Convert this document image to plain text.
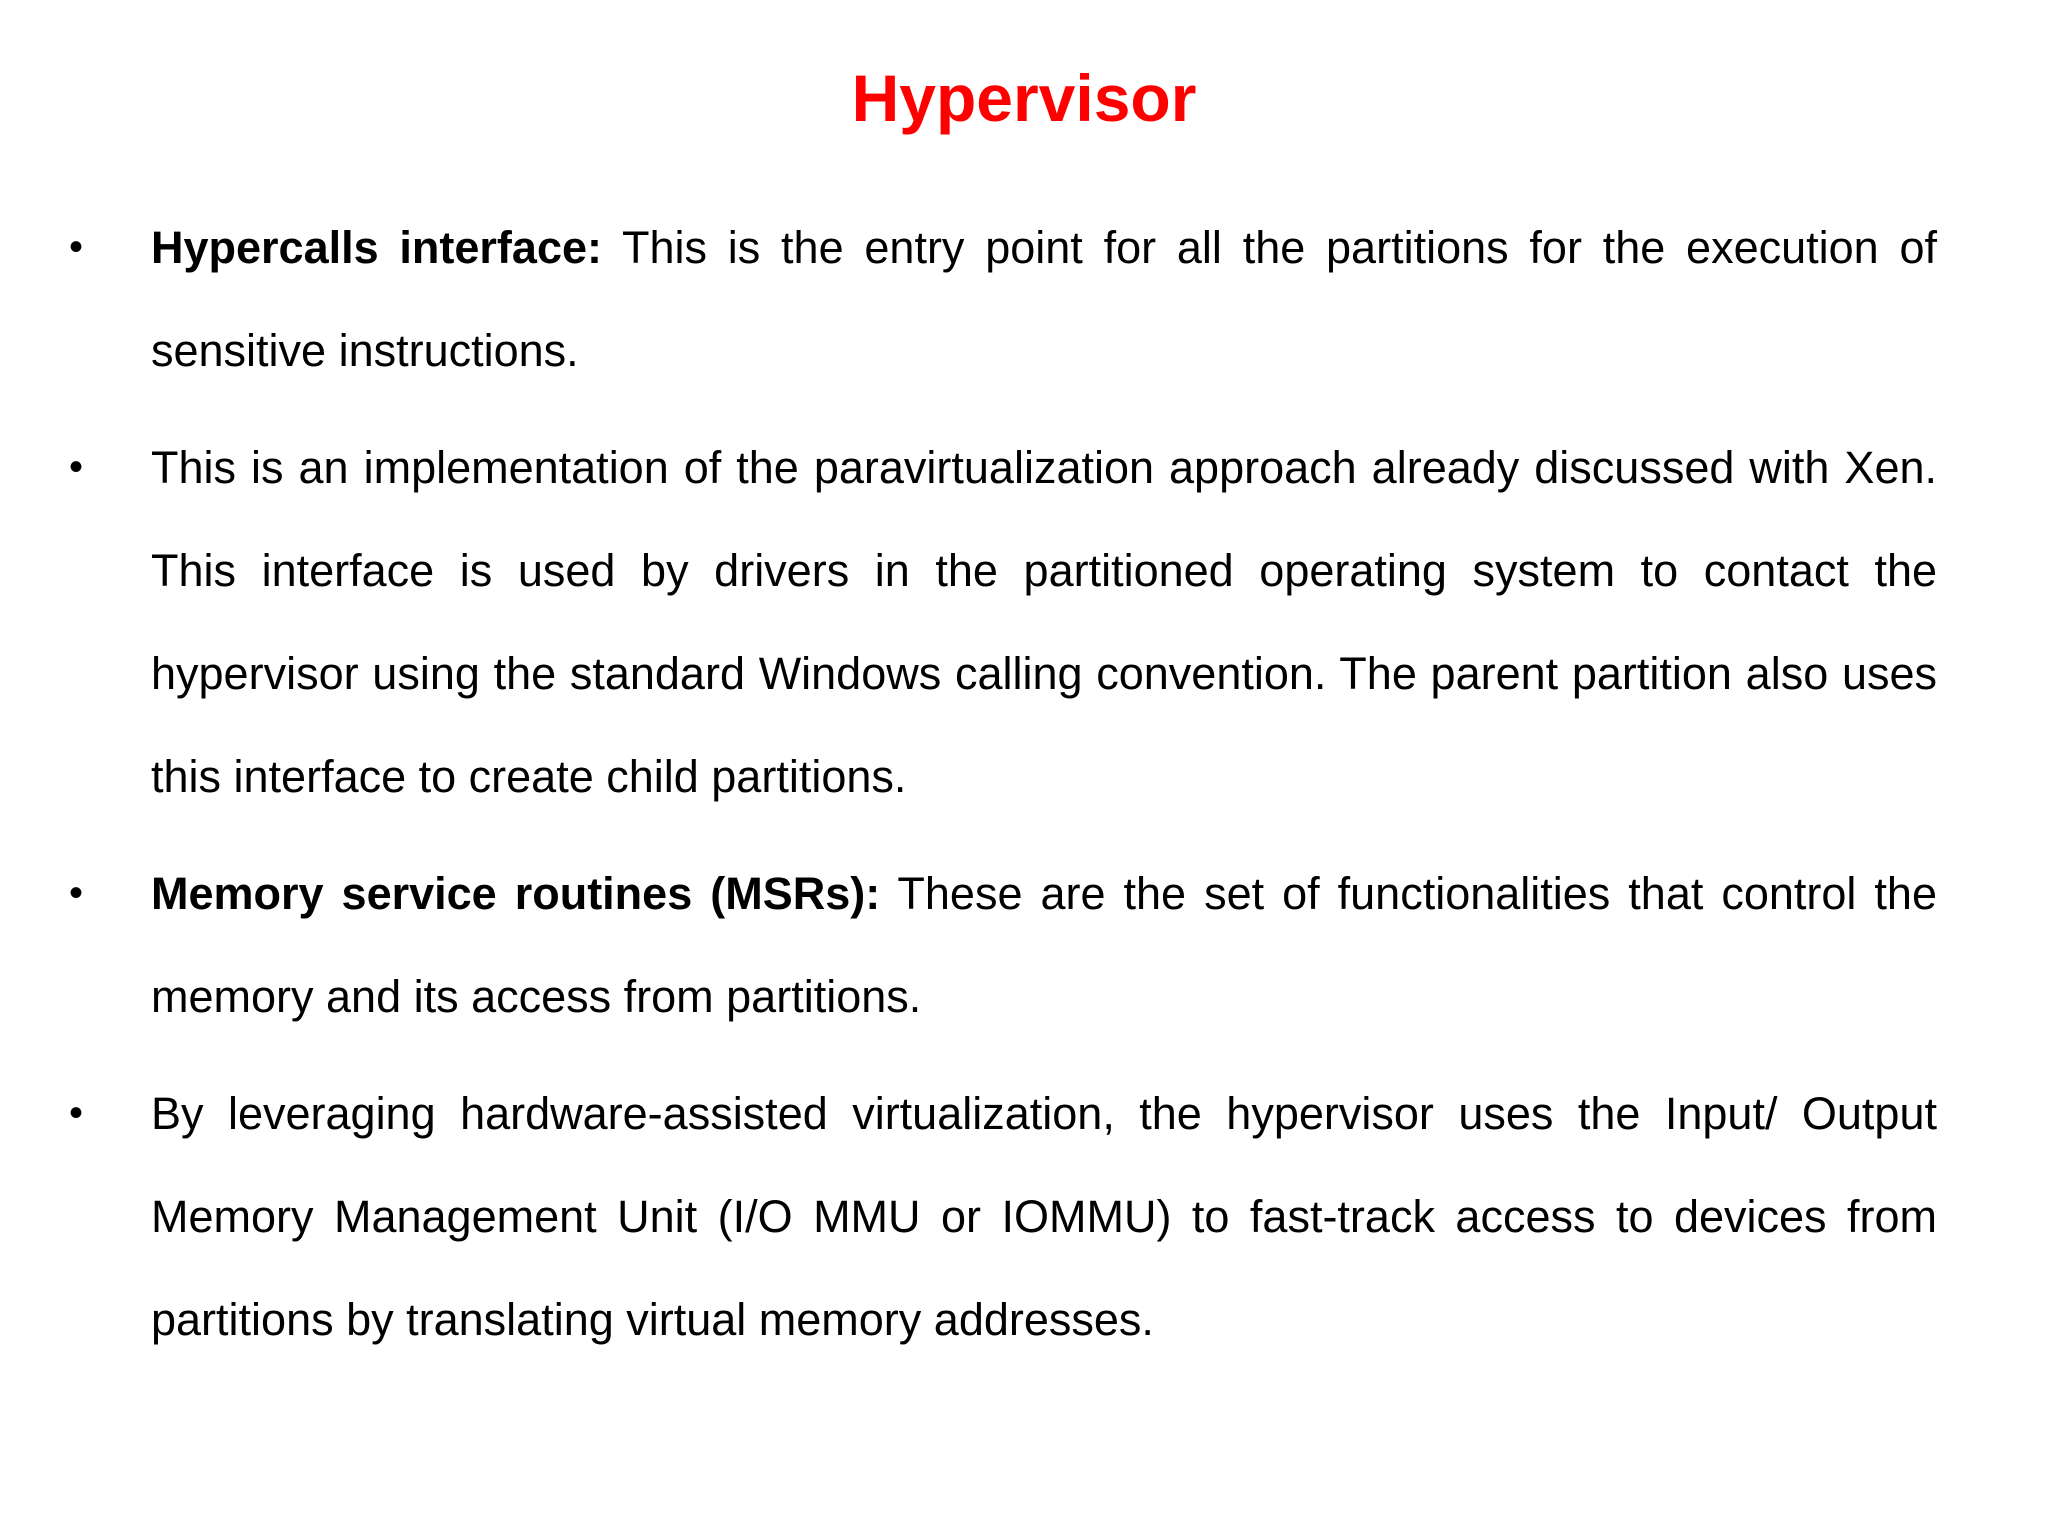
Hypervisor
• Hypercalls interface: This is the entry point for all the partitions for the execution of sensitive instructions.
• This is an implementation of the paravirtualization approach already discussed with Xen. This interface is used by drivers in the partitioned operating system to contact the hypervisor using the standard Windows calling convention. The parent partition also uses this interface to create child partitions.
• Memory service routines (MSRs): These are the set of functionalities that control the memory and its access from partitions.
• By leveraging hardware-assisted virtualization, the hypervisor uses the Input/ Output Memory Management Unit (I/O MMU or IOMMU) to fast-track access to devices from partitions by translating virtual memory addresses.
